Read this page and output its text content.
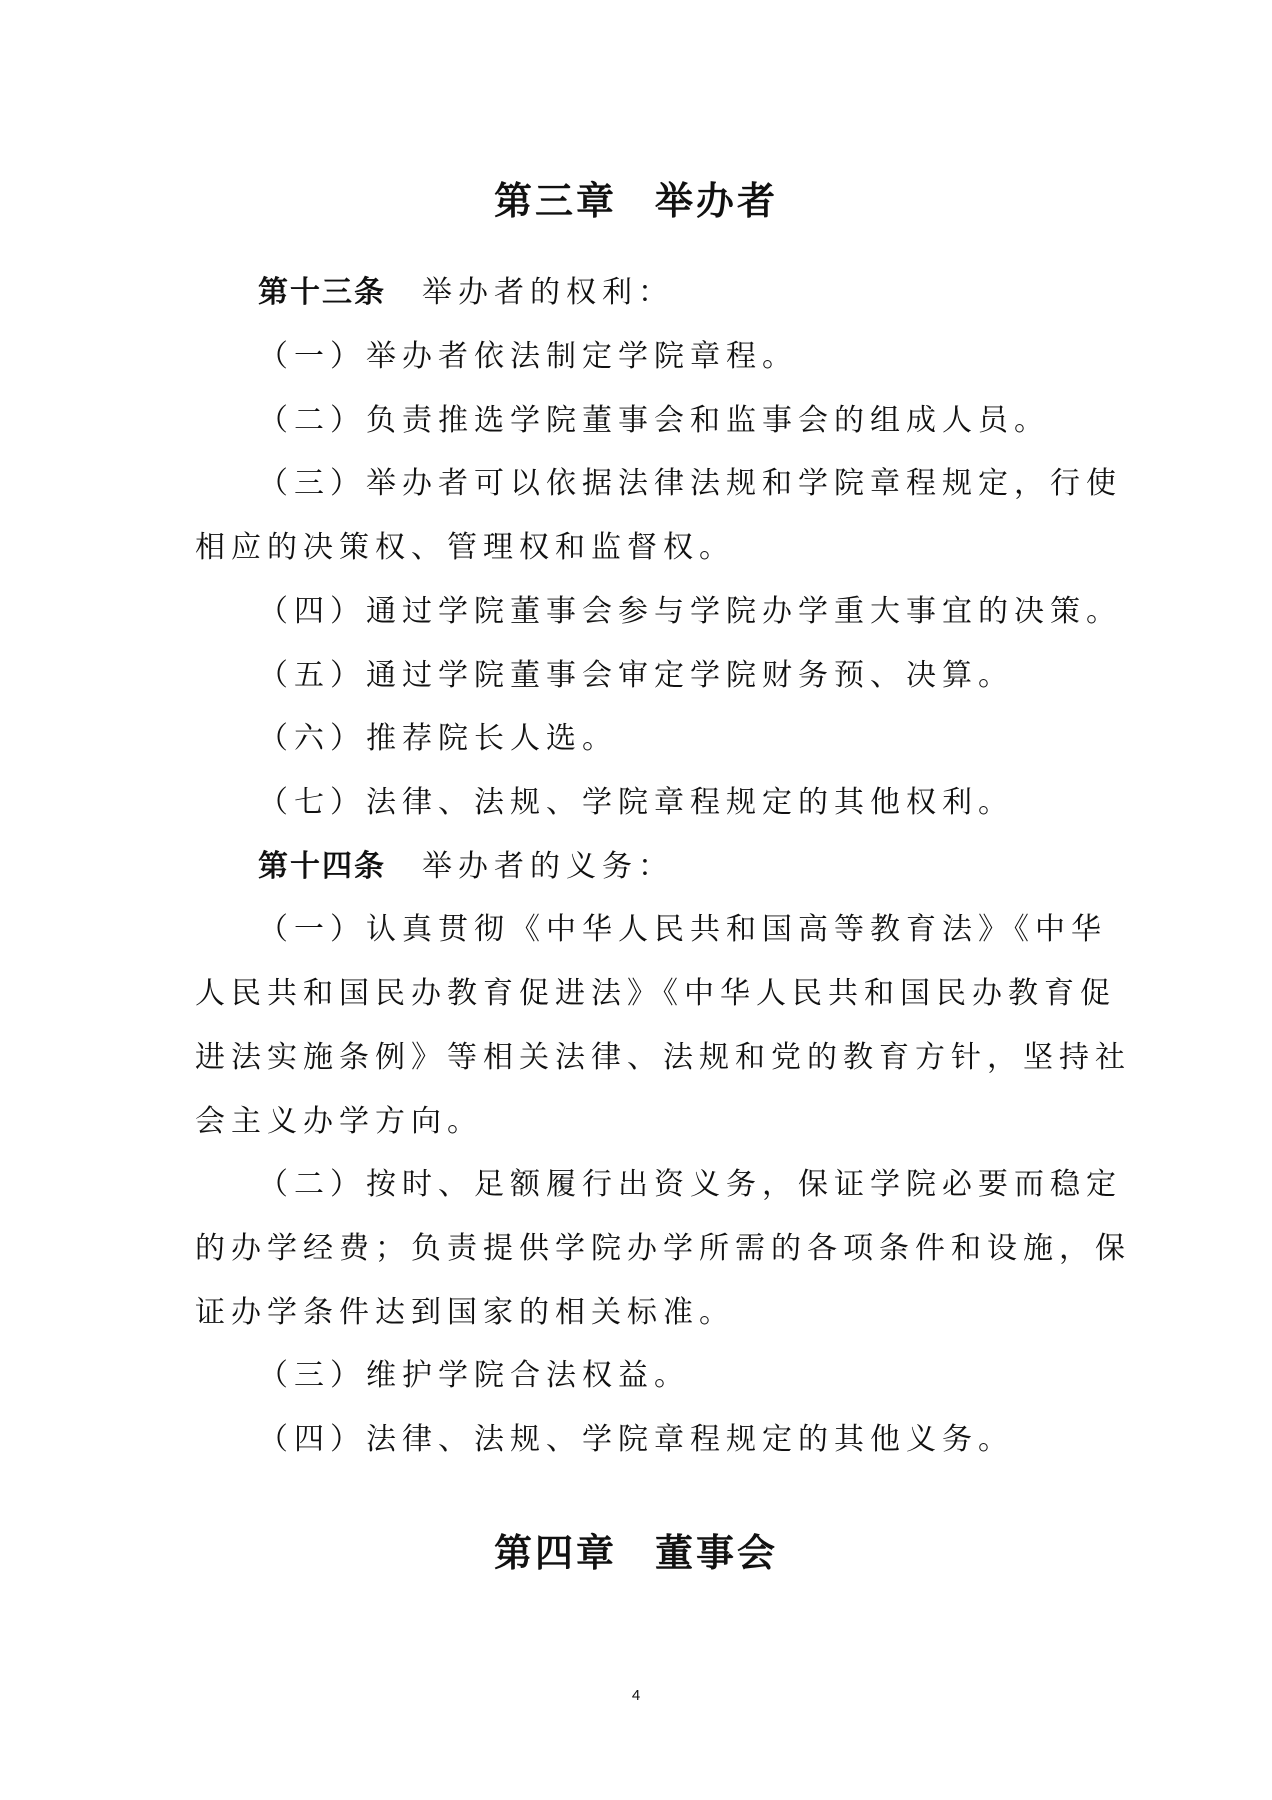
第三章 举办者
第十三条 举办者的权利：
（一）举办者依法制定学院章程。
（二）负责推选学院董事会和监事会的组成人员。
（三）举办者可以依据法律法规和学院章程规定，行使
相应的决策权、管理权和监督权。
（四）通过学院董事会参与学院办学重大事宜的决策。
（五）通过学院董事会审定学院财务预、决算。
（六）推荐院长人选。
（七）法律、法规、学院章程规定的其他权利。
第十四条 举办者的义务：
（一）认真贯彻《中华人民共和国高等教育法》《中华
人民共和国民办教育促进法》《中华人民共和国民办教育促
进法实施条例》等相关法律、法规和党的教育方针，坚持社
会主义办学方向。
（二）按时、足额履行出资义务，保证学院必要而稳定
的办学经费；负责提供学院办学所需的各项条件和设施，保
证办学条件达到国家的相关标准。
（三）维护学院合法权益。
（四）法律、法规、学院章程规定的其他义务。
第四章 董事会
4
